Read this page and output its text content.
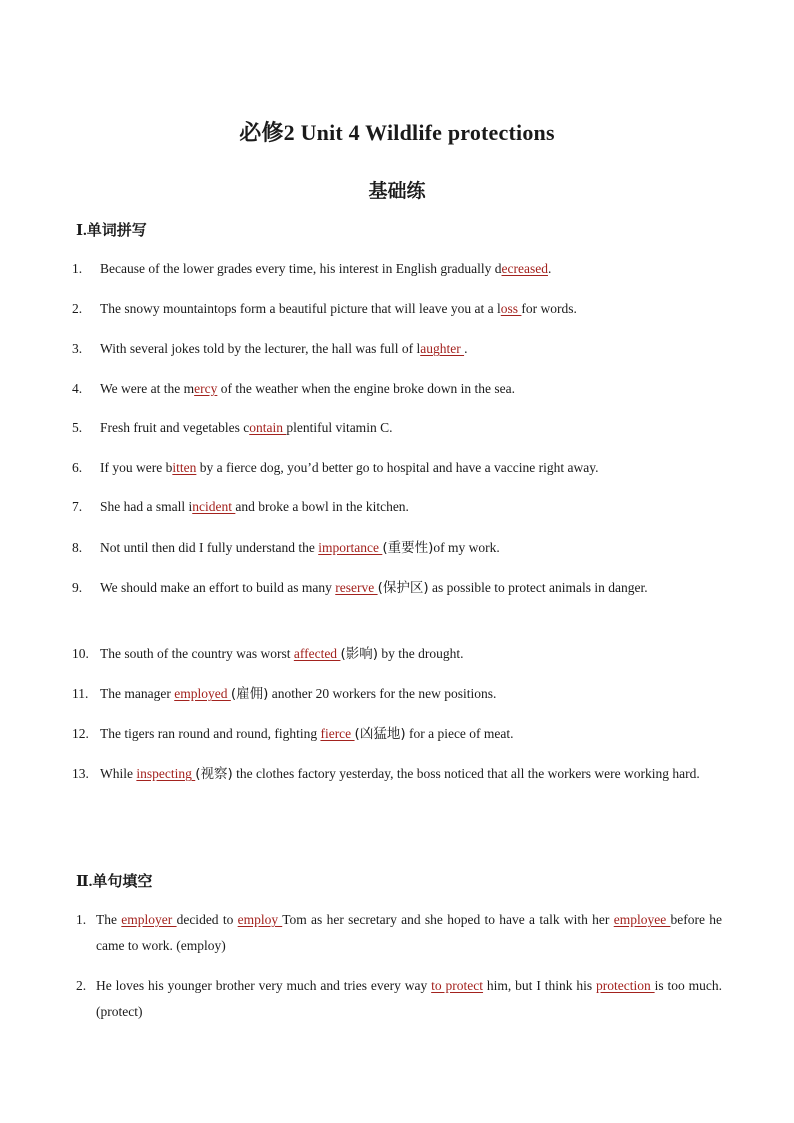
必修2 Unit 4 Wildlife protections
基础练
Ⅰ.单词拼写
1.	Because of the lower grades every time, his interest in English gradually decreased.
2.	The snowy mountaintops form a beautiful picture that will leave you at a loss for words.
3.	With several jokes told by the lecturer, the hall was full of laughter .
4.	We were at the mercy of the weather when the engine broke down in the sea.
5.	Fresh fruit and vegetables contain plentiful vitamin C.
6.	If you were bitten by a fierce dog, you’d better go to hospital and have a vaccine right away.
7.	She had a small incident and broke a bowl in the kitchen.
8.	Not until then did I fully understand the importance (重要性)of my work.
9.	We should make an effort to build as many reserve (保护区) as possible to protect animals in danger.
10. The south of the country was worst affected (影响) by the drought.
11. The manager employed (雇佣) another 20 workers for the new positions.
12. The tigers ran round and round, fighting fierce (凶猛地) for a piece of meat.
13. While inspecting (视察) the clothes factory yesterday, the boss noticed that all the workers were working hard.
Ⅱ.单句填空
1. The employer decided to employ Tom as her secretary and she hoped to have a talk with her employee before he came to work. (employ)
2. He loves his younger brother very much and tries every way to protect him, but I think his protection is too much. (protect)
